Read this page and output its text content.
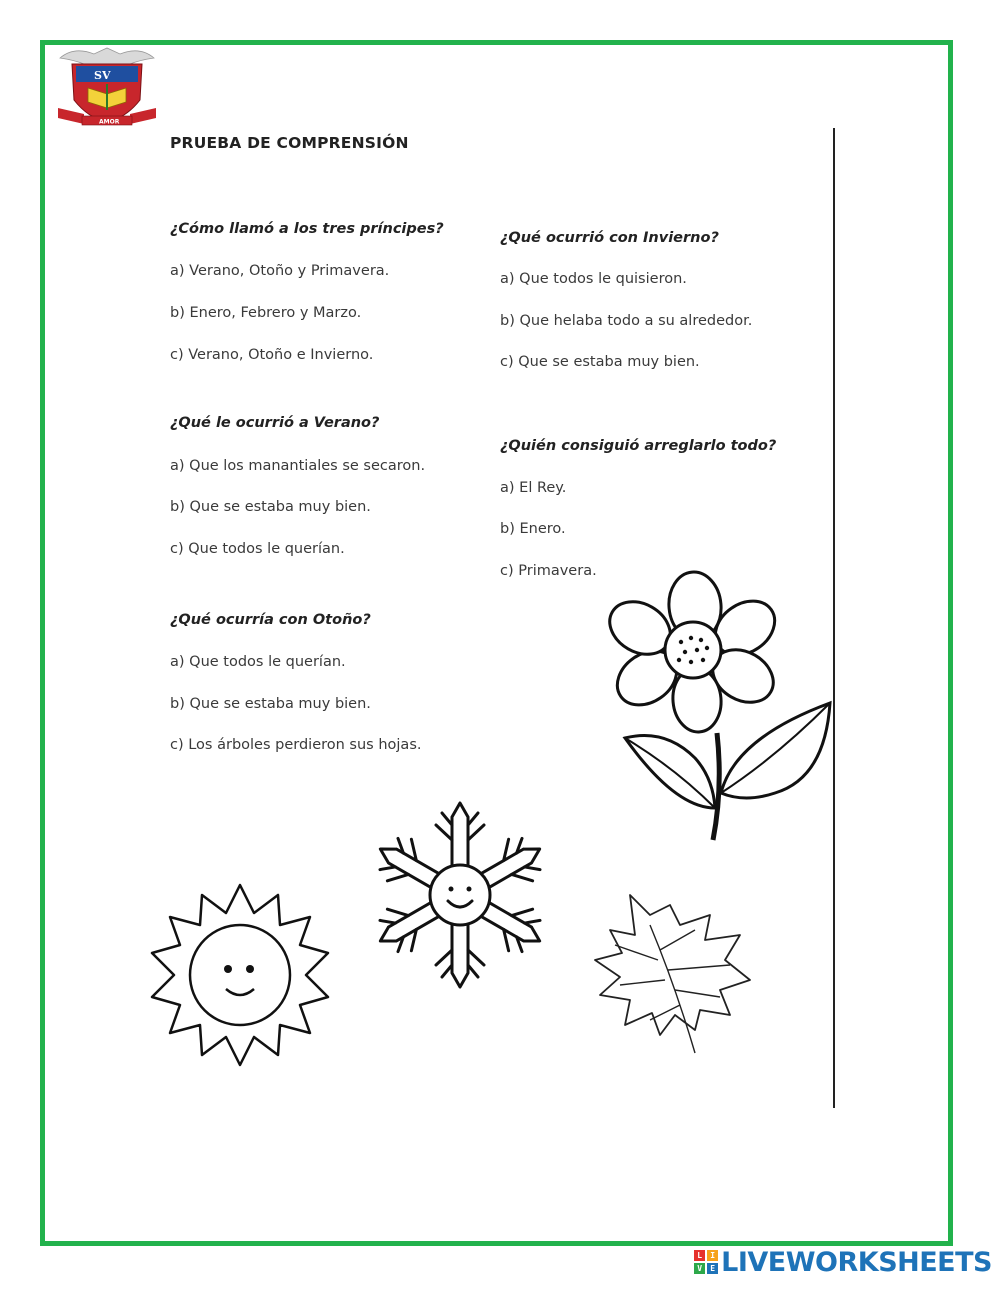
SV
AMOR
PRUEBA DE COMPRENSIÓN
¿Cómo llamó a los tres príncipes?
a) Verano, Otoño y Primavera.
b) Enero, Febrero y Marzo.
c) Verano, Otoño e Invierno.
¿Qué le ocurrió a Verano?
a) Que los manantiales se secaron.
b) Que se estaba muy bien.
c) Que todos le querían.
¿Qué ocurría con Otoño?
a) Que todos le querían.
b) Que se estaba muy bien.
c) Los árboles perdieron sus hojas.
¿Qué ocurrió con Invierno?
a) Que todos le quisieron.
b) Que helaba todo a su alrededor.
c) Que se estaba muy bien.
¿Quién consiguió arreglarlo todo?
a) El Rey.
b) Enero.
c) Primavera.
L	I
V	E LIVEWORKSHEETS
